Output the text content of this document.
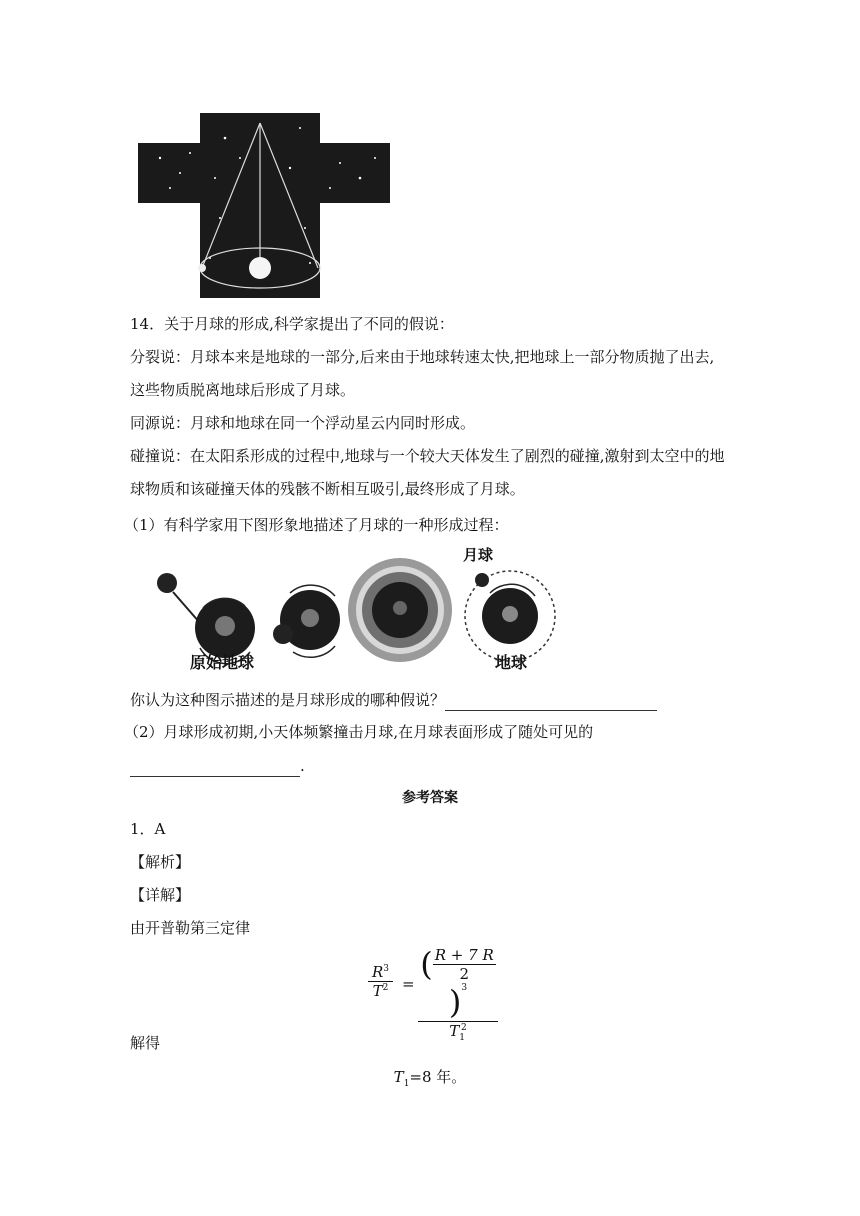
14．关于月球的形成,科学家提出了不同的假说：
分裂说：月球本来是地球的一部分,后来由于地球转速太快,把地球上一部分物质抛了出去,
这些物质脱离地球后形成了月球。
同源说：月球和地球在同一个浮动星云内同时形成。
碰撞说：在太阳系形成的过程中,地球与一个较大天体发生了剧烈的碰撞,激射到太空中的地
球物质和该碰撞天体的残骸不断相互吸引,最终形成了月球。
（1）有科学家用下图形象地描述了月球的一种形成过程：
原始地球
月球
地球
你认为这种图示描述的是月球形成的哪种假说？
（2）月球形成初期,小天体频繁撞击月球,在月球表面形成了随处可见的
.
参考答案
1．A
【解析】
【详解】
由开普勒第三定律
$\frac{R^3}{T^2}$ = ( $\frac{R + 7 R}{2}$
)$^3$
$T_1^2$
解得
$T_1=8$ 年。
